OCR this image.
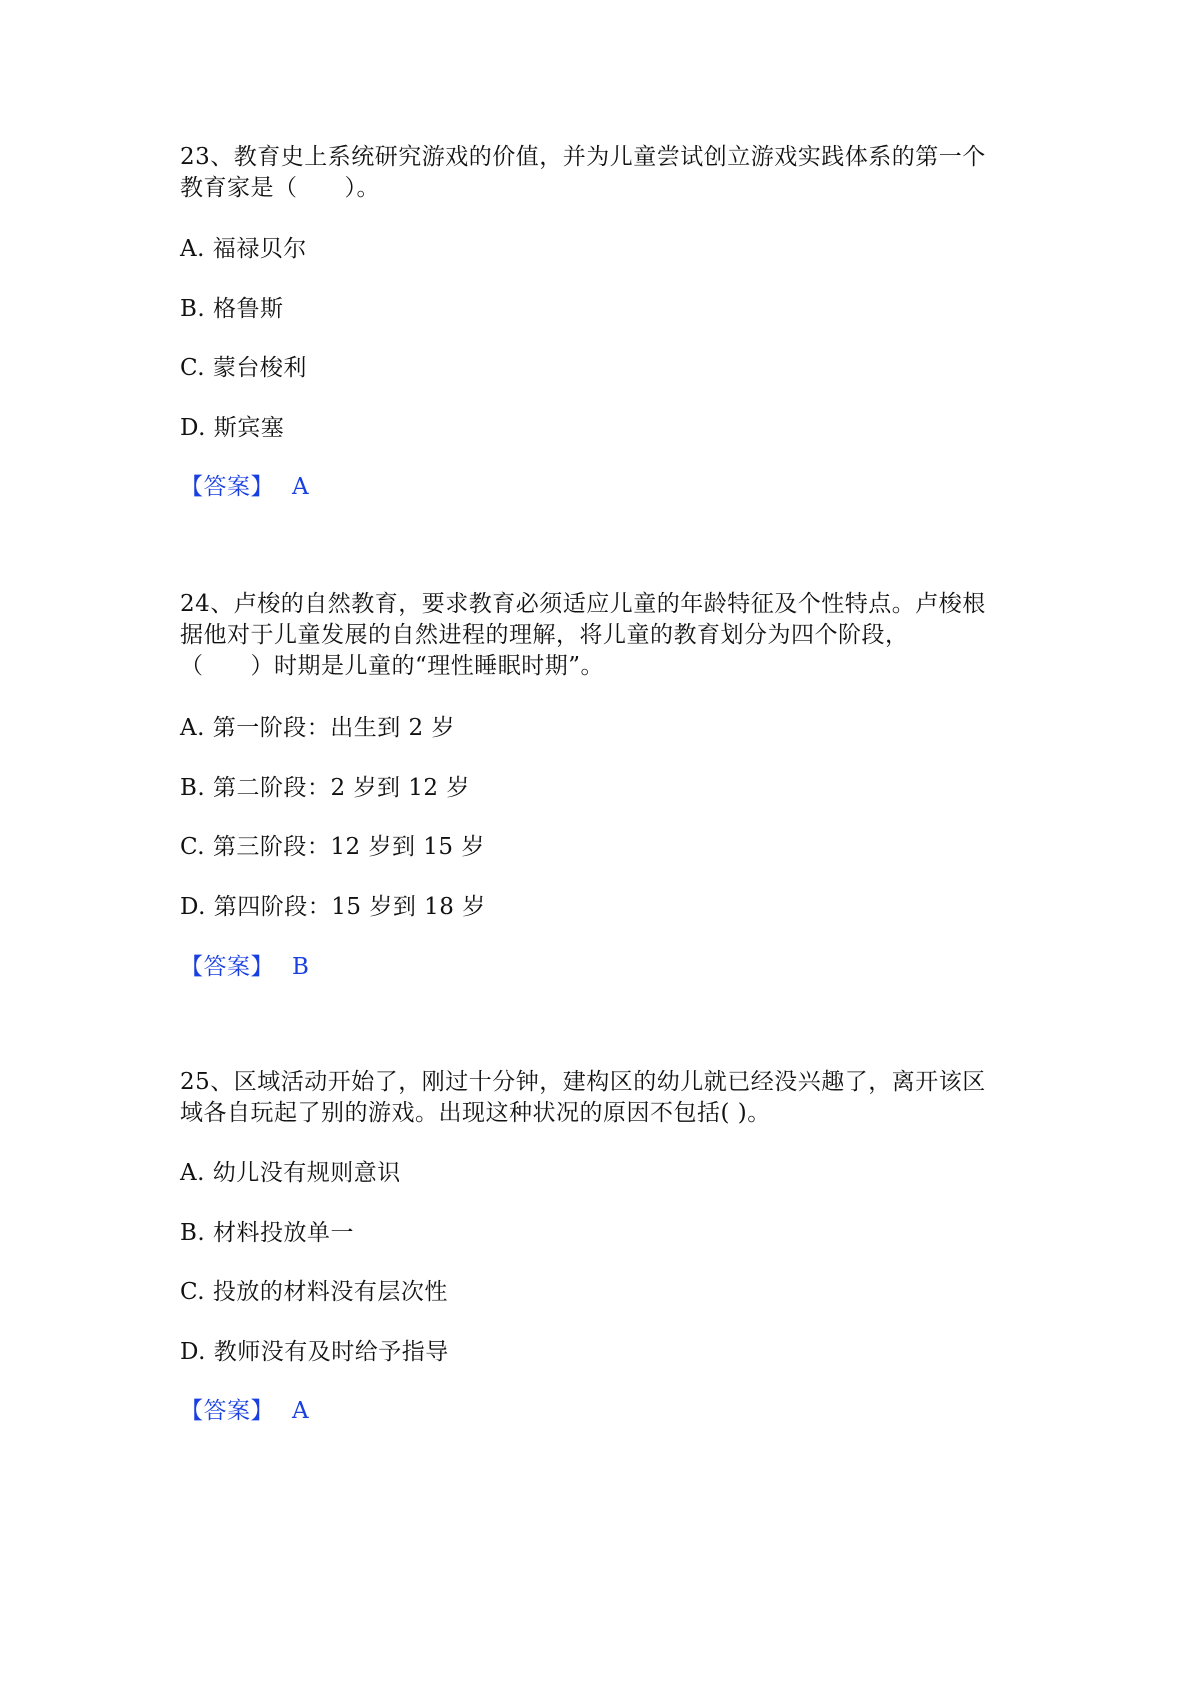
23、教育史上系统研究游戏的价值，并为儿童尝试创立游戏实践体系的第一个
教育家是（　　）。

A. 福禄贝尔

B. 格鲁斯

C. 蒙台梭利

D. 斯宾塞

【答案】 A

24、卢梭的自然教育，要求教育必须适应儿童的年龄特征及个性特点。卢梭根
据他对于儿童发展的自然进程的理解，将儿童的教育划分为四个阶段，
（　　）时期是儿童的“理性睡眠时期”。

A. 第一阶段：出生到 2 岁

B. 第二阶段：2 岁到 12 岁

C. 第三阶段：12 岁到 15 岁

D. 第四阶段：15 岁到 18 岁

【答案】 B

25、区域活动开始了，刚过十分钟，建构区的幼儿就已经没兴趣了，离开该区
域各自玩起了别的游戏。出现这种状况的原因不包括( )。

A. 幼儿没有规则意识

B. 材料投放单一

C. 投放的材料没有层次性

D. 教师没有及时给予指导

【答案】 A
